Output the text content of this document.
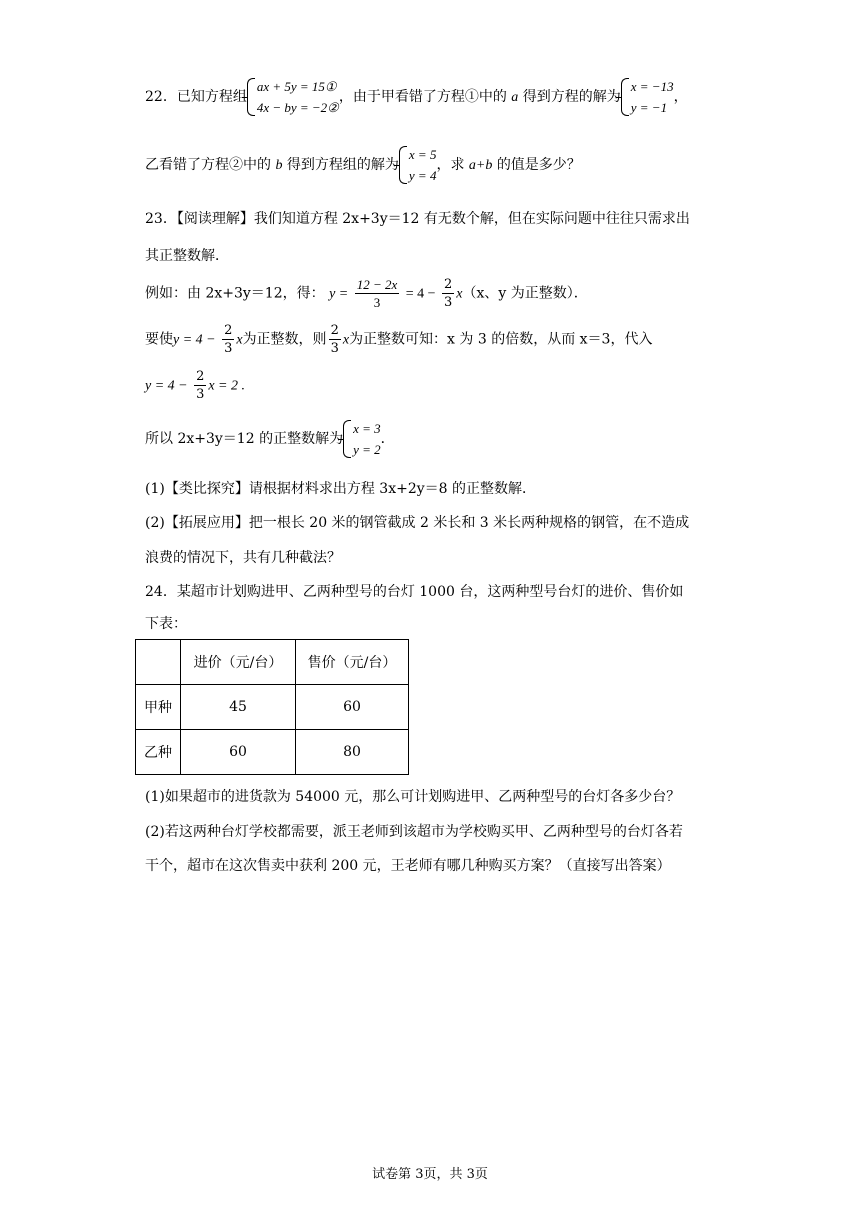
22．已知方程组
ax + 5y = 15①
4x − by = −2②
，由于甲看错了方程①中的 a 得到方程的解为
x = −13
y = −1
，
乙看错了方程②中的 b 得到方程组的解为
x = 5
y = 4
，求 a+b 的值是多少？
23．【阅读理解】我们知道方程 2x+3y＝12 有无数个解，但在实际问题中往往只需求出
其正整数解．
例如：由 2x+3y＝12，得： $y = \frac{12 - 2x}{3} = 4 - \frac{2}{3} x(x$、y 为正整数）．
要使$y = 4 - \frac{2}{3}$ x为正整数，则 $\frac{2}{3}$ x为正整数可知：x 为 3 的倍数，从而 x＝3，代入
$y = 4 - \frac{2}{3}$ x = 2 .
所以 2x+3y＝12 的正整数解为
x = 3
y = 2
．
(1)【类比探究】请根据材料求出方程 3x+2y＝8 的正整数解．
(2)【拓展应用】把一根长 20 米的钢管截成 2 米长和 3 米长两种规格的钢管，在不造成
浪费的情况下，共有几种截法？
24．某超市计划购进甲、乙两种型号的台灯 1000 台，这两种型号台灯的进价、售价如
下表：
	进价（元/台）	售价（元/台）
甲种	45	60
乙种	60	80
(1)如果超市的进货款为 54000 元，那么可计划购进甲、乙两种型号的台灯各多少台？
(2)若这两种台灯学校都需要，派王老师到该超市为学校购买甲、乙两种型号的台灯各若
干个，超市在这次售卖中获利 200 元，王老师有哪几种购买方案？（直接写出答案）
试卷第 3页，共 3页
